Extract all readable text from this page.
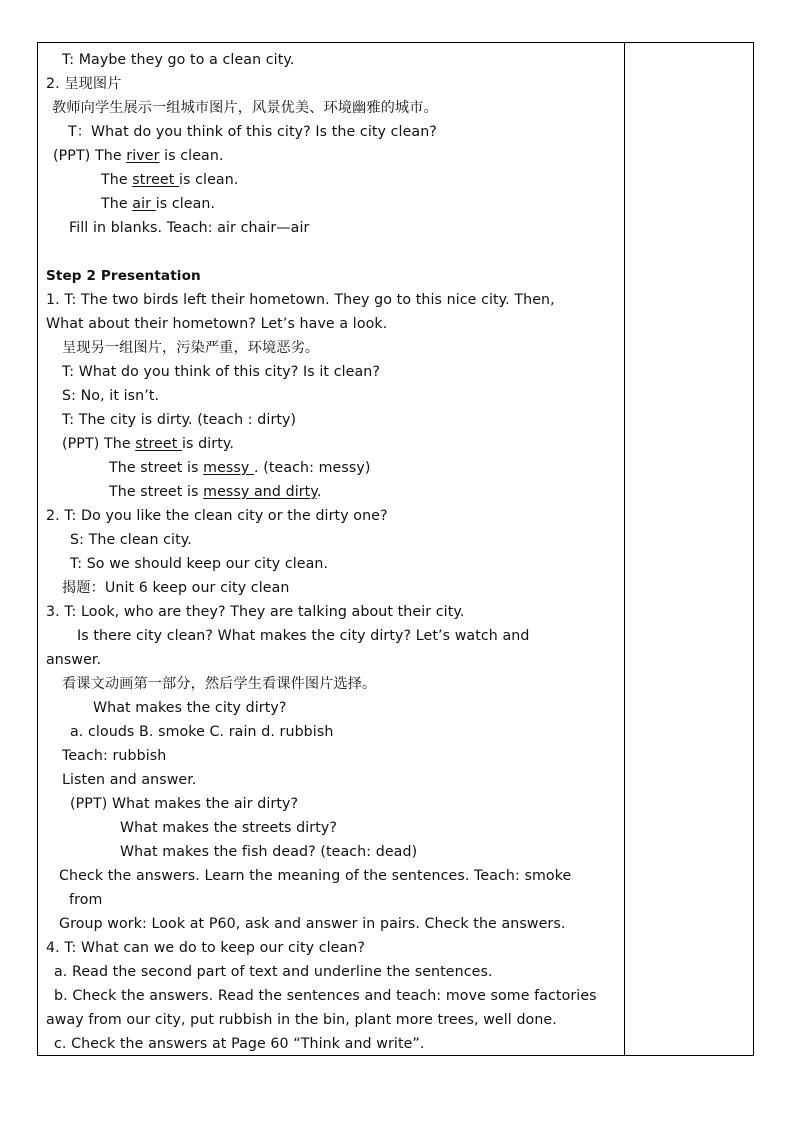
T: Maybe they go to a clean city.
2. 呈现图片
教师向学生展示一组城市图片，风景优美、环境幽雅的城市。
T：What do you think of this city? Is the city clean?
(PPT) The river is clean.
The street is clean.
The air is clean.
Fill in blanks. Teach: air chair—air
Step 2 Presentation
1. T: The two birds left their hometown. They go to this nice city. Then,
What about their hometown? Let’s have a look.
呈现另一组图片，污染严重，环境恶劣。
T: What do you think of this city? Is it clean?
S: No, it isn’t.
T: The city is dirty. (teach : dirty)
(PPT) The street is dirty.
The street is messy . (teach: messy)
The street is messy and dirty.
2. T: Do you like the clean city or the dirty one?
S: The clean city.
T: So we should keep our city clean.
揭题：Unit 6 keep our city clean
3. T: Look, who are they? They are talking about their city.
Is there city clean? What makes the city dirty? Let’s watch and
answer.
看课文动画第一部分，然后学生看课件图片选择。
What makes the city dirty?
a. clouds B. smoke C. rain d. rubbish
Teach: rubbish
Listen and answer.
(PPT) What makes the air dirty?
What makes the streets dirty?
What makes the fish dead? (teach: dead)
Check the answers. Learn the meaning of the sentences. Teach: smoke
from
Group work: Look at P60, ask and answer in pairs. Check the answers.
4. T: What can we do to keep our city clean?
a. Read the second part of text and underline the sentences.
b. Check the answers. Read the sentences and teach: move some factories
away from our city, put rubbish in the bin, plant more trees, well done.
c. Check the answers at Page 60 “Think and write”.
